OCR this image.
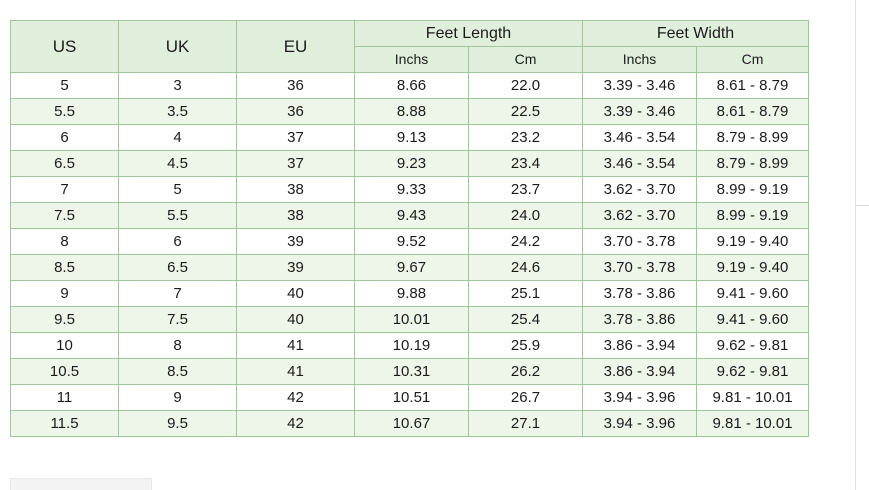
US	UK	EU	Feet Length		Feet Width	
			Inchs	Cm	Inchs	Cm
5	3	36	8.66	22.0	3.39 - 3.46	8.61 - 8.79
5.5	3.5	36	8.88	22.5	3.39 - 3.46	8.61 - 8.79
6	4	37	9.13	23.2	3.46 - 3.54	8.79 - 8.99
6.5	4.5	37	9.23	23.4	3.46 - 3.54	8.79 - 8.99
7	5	38	9.33	23.7	3.62 - 3.70	8.99 - 9.19
7.5	5.5	38	9.43	24.0	3.62 - 3.70	8.99 - 9.19
8	6	39	9.52	24.2	3.70 - 3.78	9.19 - 9.40
8.5	6.5	39	9.67	24.6	3.70 - 3.78	9.19 - 9.40
9	7	40	9.88	25.1	3.78 - 3.86	9.41 - 9.60
9.5	7.5	40	10.01	25.4	3.78 - 3.86	9.41 - 9.60
10	8	41	10.19	25.9	3.86 - 3.94	9.62 - 9.81
10.5	8.5	41	10.31	26.2	3.86 - 3.94	9.62 - 9.81
11	9	42	10.51	26.7	3.94 - 3.96	9.81 - 10.01
11.5	9.5	42	10.67	27.1	3.94 - 3.96	9.81 - 10.01
